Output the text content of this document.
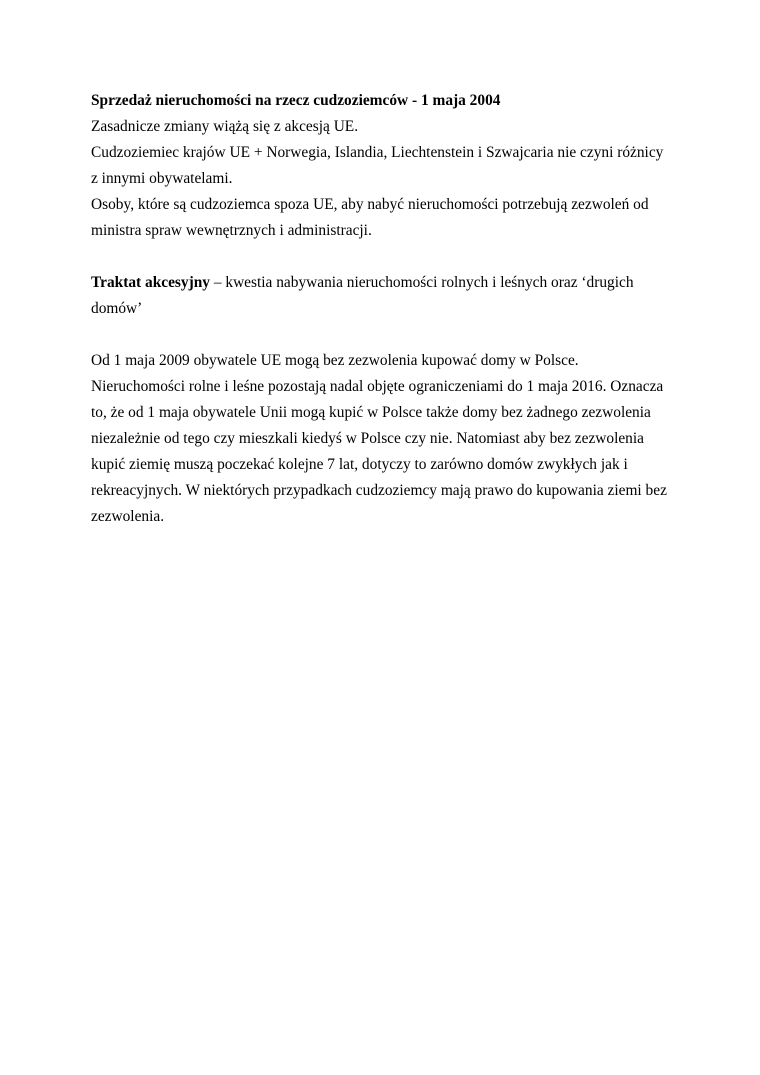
Sprzedaż nieruchomości na rzecz cudzoziemców - 1 maja 2004
Zasadnicze zmiany wiążą się z akcesją UE.
Cudzoziemiec krajów UE + Norwegia, Islandia, Liechtenstein i Szwajcaria nie czyni różnicy
z innymi obywatelami.
Osoby, które są cudzoziemca spoza UE, aby nabyć nieruchomości potrzebują zezwoleń od
ministra spraw wewnętrznych i administracji.
Traktat akcesyjny – kwestia nabywania nieruchomości rolnych i leśnych oraz ‘drugich
domów’
Od 1 maja 2009 obywatele UE mogą bez zezwolenia kupować domy w Polsce.
Nieruchomości rolne i leśne pozostają nadal objęte ograniczeniami do 1 maja 2016. Oznacza
to, że od 1 maja obywatele Unii mogą kupić w Polsce także domy bez żadnego zezwolenia
niezależnie od tego czy mieszkali kiedyś w Polsce czy nie. Natomiast aby bez zezwolenia
kupić ziemię muszą poczekać kolejne 7 lat, dotyczy to zarówno domów zwykłych jak i
rekreacyjnych. W niektórych przypadkach cudzoziemcy mają prawo do kupowania ziemi bez
zezwolenia.
